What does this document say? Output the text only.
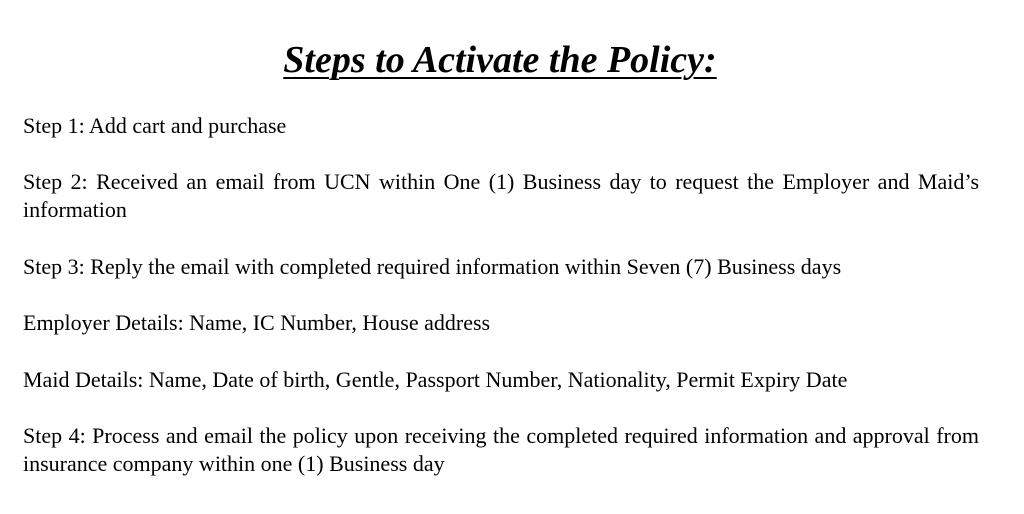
Steps to Activate the Policy:

Step 1: Add cart and purchase

Step 2: Received an email from UCN within One (1) Business day to request the Employer and Maid’s information

Step 3: Reply the email with completed required information within Seven (7) Business days

Employer Details: Name, IC Number, House address

Maid Details: Name, Date of birth, Gentle, Passport Number, Nationality, Permit Expiry Date

Step 4: Process and email the policy upon receiving the completed required information and approval from insurance company within one (1) Business day
